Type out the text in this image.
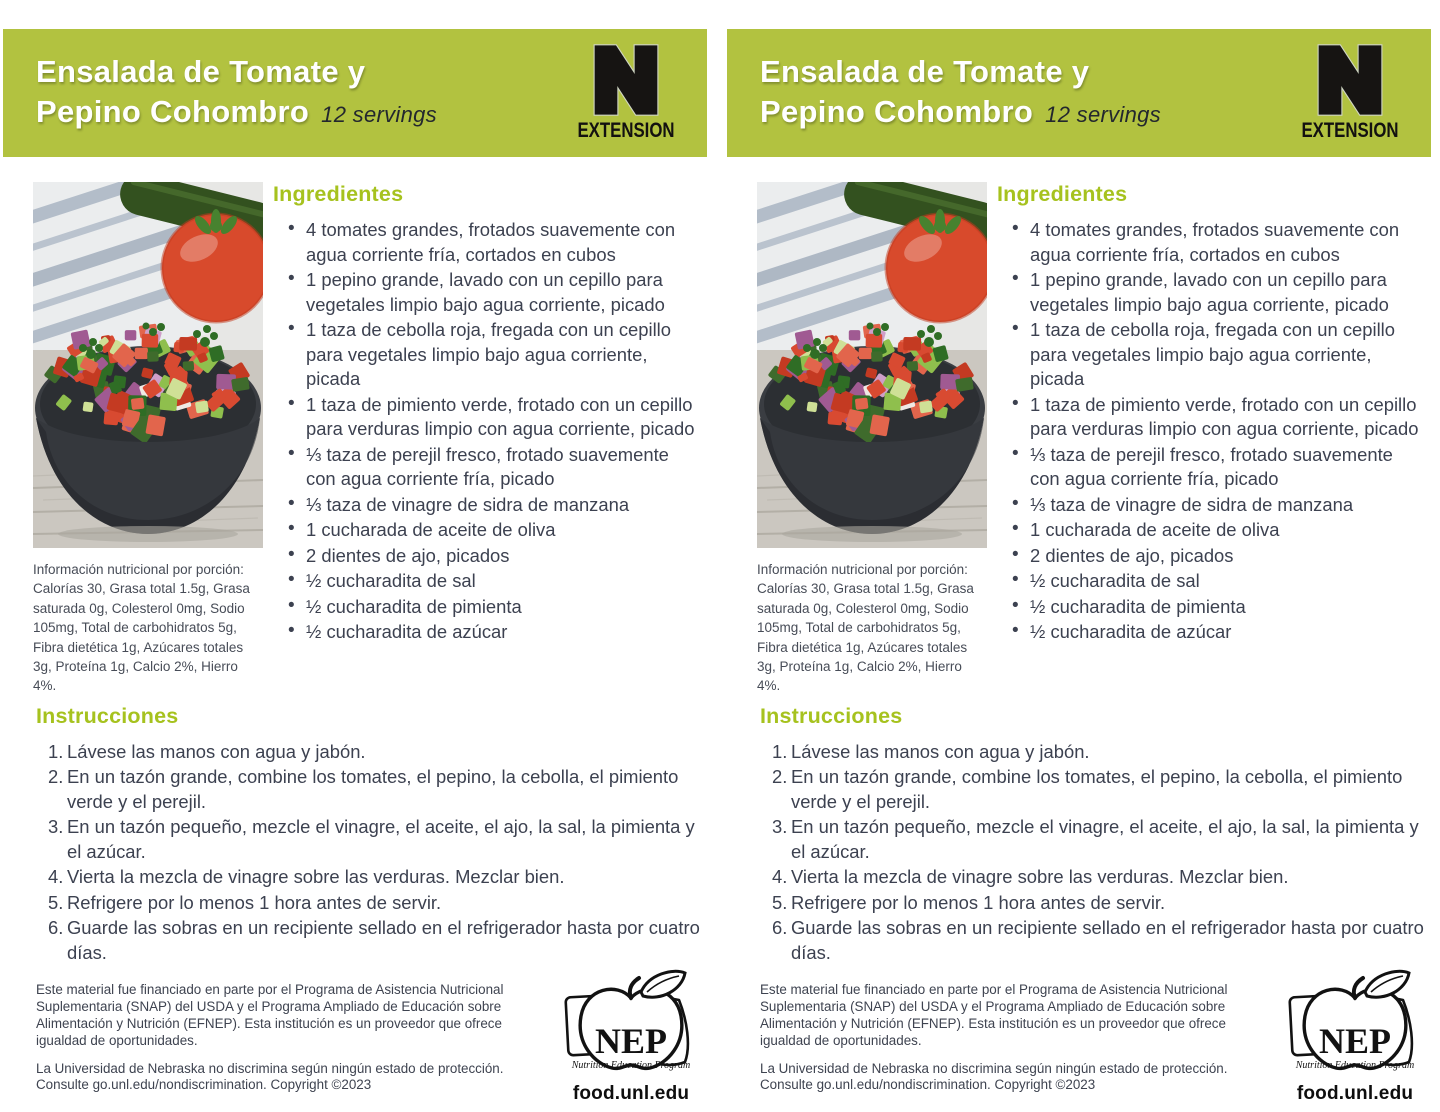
Ensalada de Tomate y
Pepino Cohombro 12 servings
EXTENSION

Información nutricional por porción: Calorías 30, Grasa total 1.5g, Grasa saturada 0g, Colesterol 0mg, Sodio 105mg, Total de carbohidratos 5g, Fibra dietética 1g, Azúcares totales 3g, Proteína 1g, Calcio 2%, Hierro 4%.

Ingredientes
• 4 tomates grandes, frotados suavemente con agua corriente fría, cortados en cubos
• 1 pepino grande, lavado con un cepillo para vegetales limpio bajo agua corriente, picado
• 1 taza de cebolla roja, fregada con un cepillo para vegetales limpio bajo agua corriente, picada
• 1 taza de pimiento verde, frotado con un cepillo para verduras limpio con agua corriente, picado
• ⅓ taza de perejil fresco, frotado suavemente con agua corriente fría, picado
• ⅓ taza de vinagre de sidra de manzana
• 1 cucharada de aceite de oliva
• 2 dientes de ajo, picados
• ½ cucharadita de sal
• ½ cucharadita de pimienta
• ½ cucharadita de azúcar
Instrucciones
Lávese las manos con agua y jabón.
En un tazón grande, combine los tomates, el pepino, la cebolla, el pimiento verde y el perejil.
En un tazón pequeño, mezcle el vinagre, el aceite, el ajo, la sal, la pimienta y el azúcar.
Vierta la mezcla de vinagre sobre las verduras. Mezclar bien.
Refrigere por lo menos 1 hora antes de servir.
Guarde las sobras en un recipiente sellado en el refrigerador hasta por cuatro días.

Este material fue financiado en parte por el Programa de Asistencia Nutricional Suplementaria (SNAP) del USDA y el Programa Ampliado de Educación sobre Alimentación y Nutrición (EFNEP). Esta institución es un proveedor que ofrece igualdad de oportunidades.

La Universidad de Nebraska no discrimina según ningún estado de protección. Consulte go.unl.edu/nondiscrimination. Copyright ©2023

NEP
Nutrition Education Program
food.unl.edu
Ensalada de Tomate y
Pepino Cohombro 12 servings
EXTENSION

Información nutricional por porción: Calorías 30, Grasa total 1.5g, Grasa saturada 0g, Colesterol 0mg, Sodio 105mg, Total de carbohidratos 5g, Fibra dietética 1g, Azúcares totales 3g, Proteína 1g, Calcio 2%, Hierro 4%.

Ingredientes
• 4 tomates grandes, frotados suavemente con agua corriente fría, cortados en cubos
• 1 pepino grande, lavado con un cepillo para vegetales limpio bajo agua corriente, picado
• 1 taza de cebolla roja, fregada con un cepillo para vegetales limpio bajo agua corriente, picada
• 1 taza de pimiento verde, frotado con un cepillo para verduras limpio con agua corriente, picado
• ⅓ taza de perejil fresco, frotado suavemente con agua corriente fría, picado
• ⅓ taza de vinagre de sidra de manzana
• 1 cucharada de aceite de oliva
• 2 dientes de ajo, picados
• ½ cucharadita de sal
• ½ cucharadita de pimienta
• ½ cucharadita de azúcar
Instrucciones
Lávese las manos con agua y jabón.
En un tazón grande, combine los tomates, el pepino, la cebolla, el pimiento verde y el perejil.
En un tazón pequeño, mezcle el vinagre, el aceite, el ajo, la sal, la pimienta y el azúcar.
Vierta la mezcla de vinagre sobre las verduras. Mezclar bien.
Refrigere por lo menos 1 hora antes de servir.
Guarde las sobras en un recipiente sellado en el refrigerador hasta por cuatro días.

Este material fue financiado en parte por el Programa de Asistencia Nutricional Suplementaria (SNAP) del USDA y el Programa Ampliado de Educación sobre Alimentación y Nutrición (EFNEP). Esta institución es un proveedor que ofrece igualdad de oportunidades.

La Universidad de Nebraska no discrimina según ningún estado de protección. Consulte go.unl.edu/nondiscrimination. Copyright ©2023

NEP
Nutrition Education Program
food.unl.edu
